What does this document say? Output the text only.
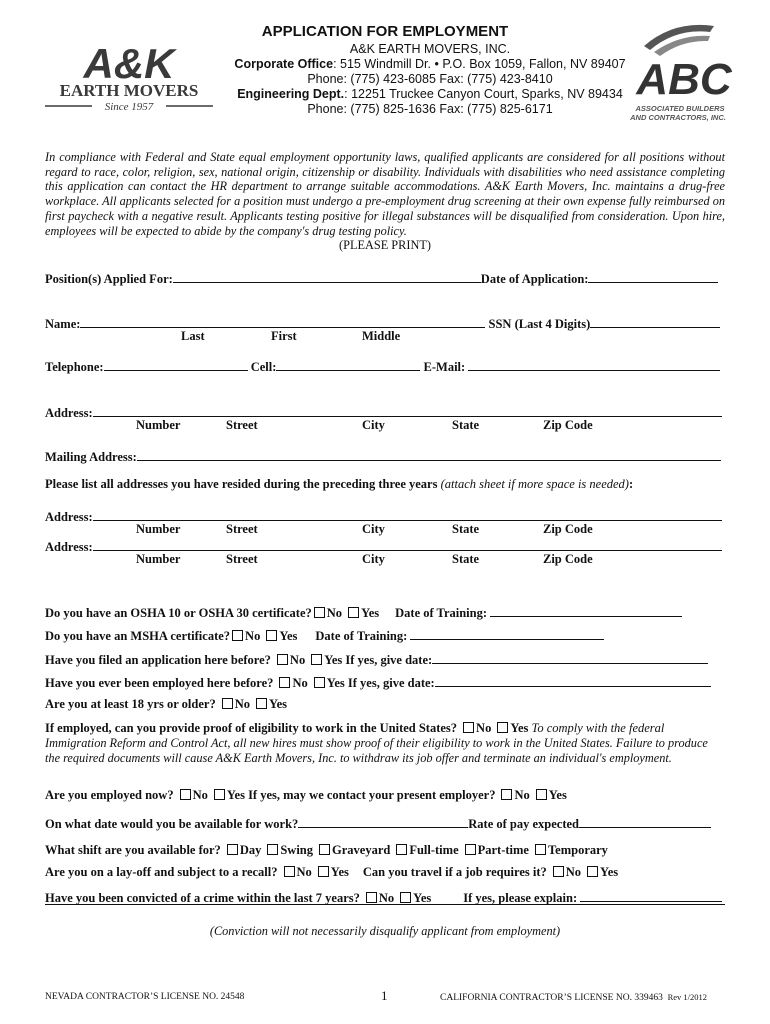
APPLICATION FOR EMPLOYMENT
A&K EARTH MOVERS, INC.
Corporate Office: 515 Windmill Dr. • P.O. Box 1059, Fallon, NV 89407
Phone: (775) 423-6085 Fax: (775) 423-8410
Engineering Dept.: 12251 Truckee Canyon Court, Sparks, NV 89434
Phone: (775) 825-1636 Fax: (775) 825-6171
A&K
EARTH MOVERS
Since 1957
ABC
ASSOCIATED BUILDERS
AND CONTRACTORS, INC.
In compliance with Federal and State equal employment opportunity laws, qualified applicants are considered for all positions without regard to race, color, religion, sex, national origin, citizenship or disability. Individuals with disabilities who need assistance completing this application can contact the HR department to arrange suitable accommodations. A&K Earth Movers, Inc. maintains a drug-free workplace. All applicants selected for a position must undergo a pre-employment drug screening at their own expense fully reimbursed on first paycheck with a negative result. Applicants testing positive for illegal substances will be disqualified from consideration. Upon hire, employees will be expected to abide by the company's drug testing policy.
(PLEASE PRINT)
Position(s) Applied For:	Date of Application:
Name:	SSN (Last 4 Digits)
Last	First	Middle
Telephone:	Cell:	E-Mail:
Address:
Number	Street	City	State	Zip Code
Mailing Address:
Please list all addresses you have resided during the preceding three years (attach sheet if more space is needed):
Address:
Number	Street	City	State	Zip Code
Address:
Number	Street	City	State	Zip Code
Do you have an OSHA 10 or OSHA 30 certificate? No Yes Date of Training:
Do you have an MSHA certificate? No Yes Date of Training:
Have you filed an application here before? No Yes If yes, give date:
Have you ever been employed here before? No Yes If yes, give date:
Are you at least 18 yrs or older? No Yes
If employed, can you provide proof of eligibility to work in the United States? No Yes To comply with the federal
Immigration Reform and Control Act, all new hires must show proof of their eligibility to work in the United States. Failure to produce the required documents will cause A&K Earth Movers, Inc. to withdraw its job offer and terminate an individual's employment.
Are you employed now? No Yes If yes, may we contact your present employer? No Yes
On what date would you be available for work?	Rate of pay expected
What shift are you available for? Day Swing Graveyard Full-time Part-time Temporary
Are you on a lay-off and subject to a recall? No Yes Can you travel if a job requires it? No Yes
Have you been convicted of a crime within the last 7 years? No Yes	If yes, please explain:
(Conviction will not necessarily disqualify applicant from employment)
NEVADA CONTRACTOR’S LICENSE NO. 24548	1	CALIFORNIA CONTRACTOR’S LICENSE NO. 339463 Rev 1/2012
